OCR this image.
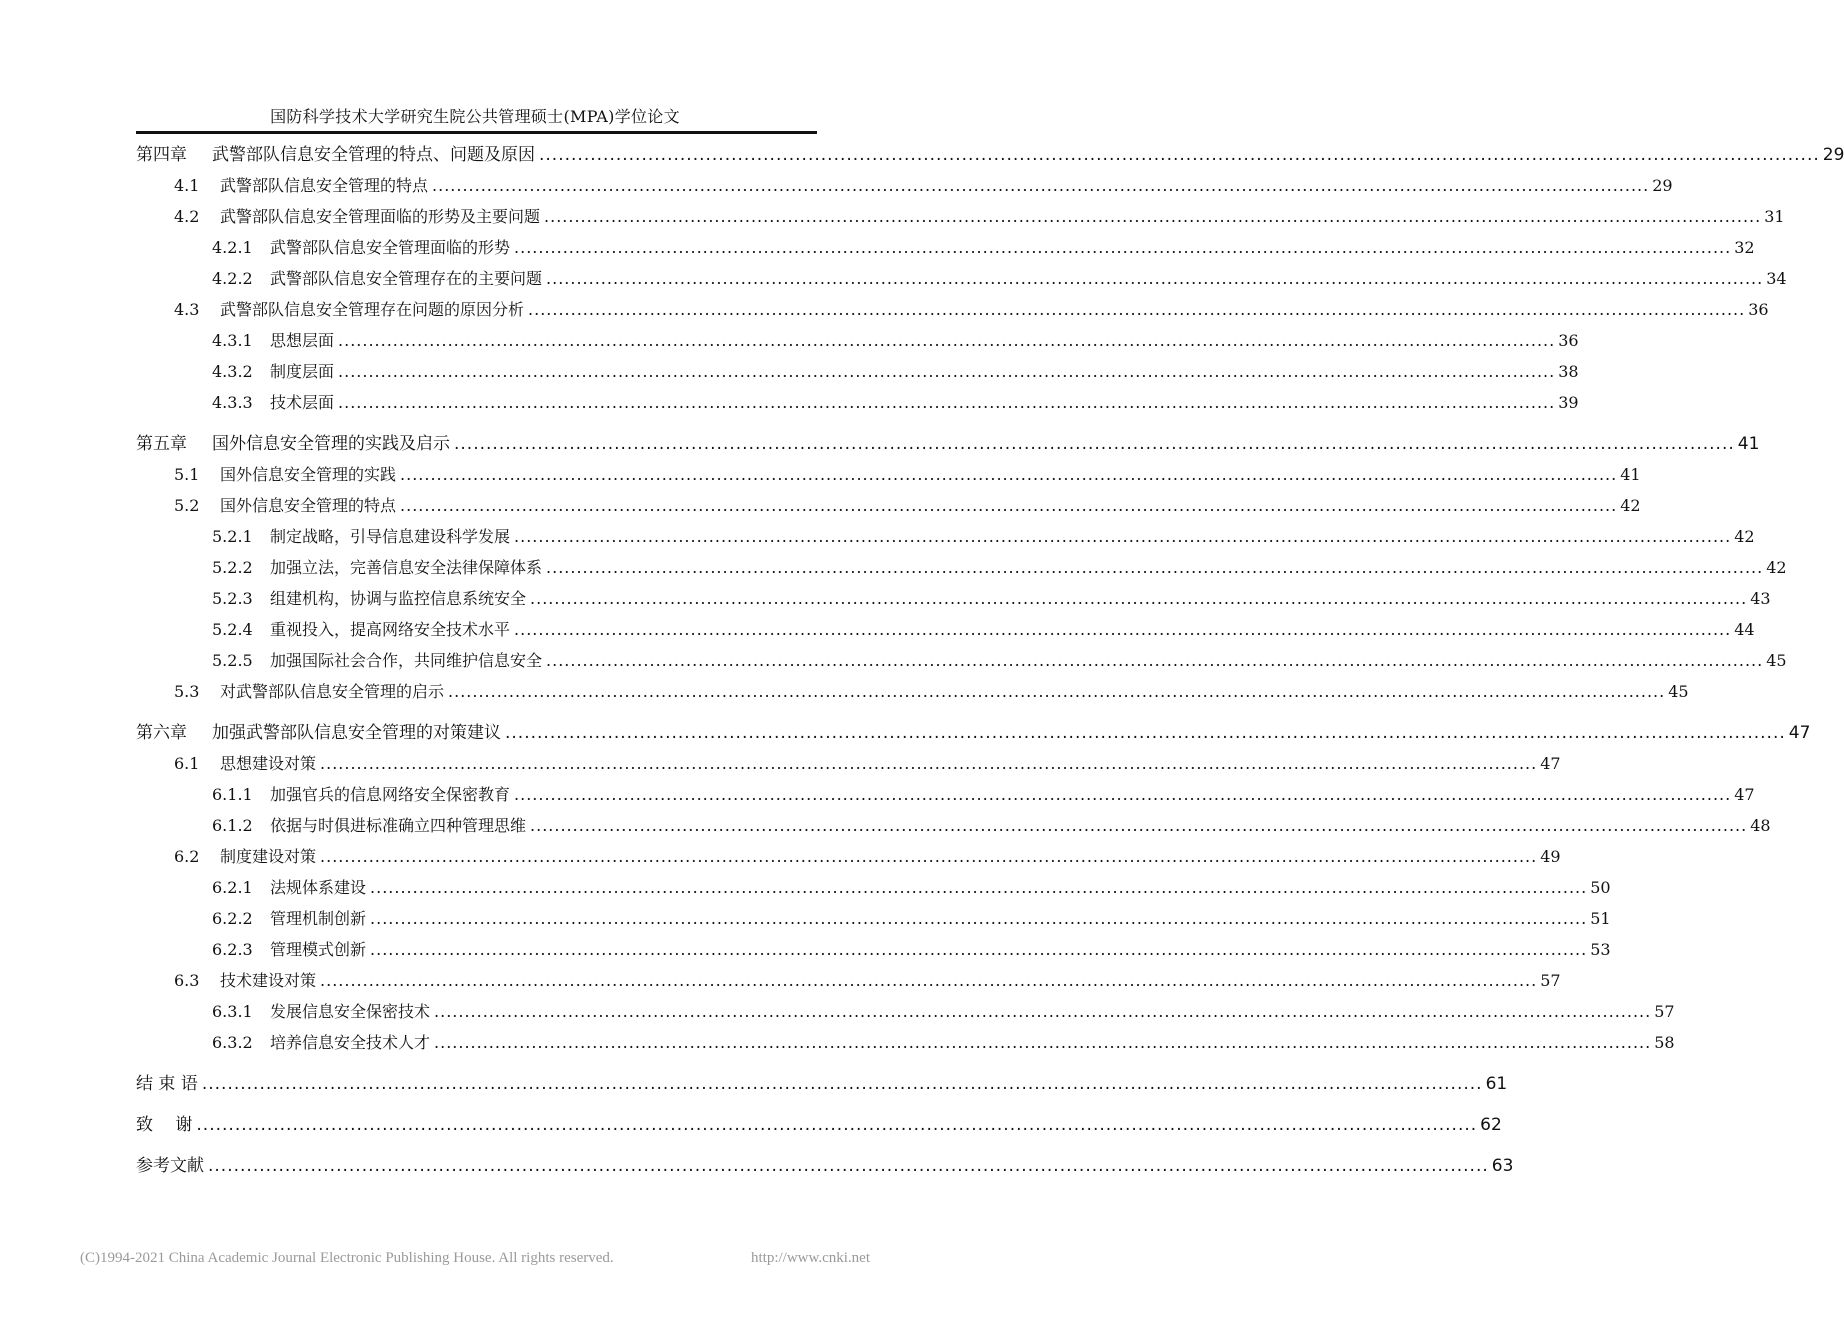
国防科学技术大学研究生院公共管理硕士(MPA)学位论文
第四章	武警部队信息安全管理的特点、问题及原因 ........................................................................................................................................................................................................ 29
4.1	武警部队信息安全管理的特点 ........................................................................................................................................................................................................ 29
4.2	武警部队信息安全管理面临的形势及主要问题 ........................................................................................................................................................................................................ 31
4.2.1	武警部队信息安全管理面临的形势 ........................................................................................................................................................................................................ 32
4.2.2	武警部队信息安全管理存在的主要问题 ........................................................................................................................................................................................................ 34
4.3	武警部队信息安全管理存在问题的原因分析 ........................................................................................................................................................................................................ 36
4.3.1	思想层面 ........................................................................................................................................................................................................ 36
4.3.2	制度层面 ........................................................................................................................................................................................................ 38
4.3.3	技术层面 ........................................................................................................................................................................................................ 39
第五章	国外信息安全管理的实践及启示 ........................................................................................................................................................................................................ 41
5.1	国外信息安全管理的实践 ........................................................................................................................................................................................................ 41
5.2	国外信息安全管理的特点 ........................................................................................................................................................................................................ 42
5.2.1	制定战略，引导信息建设科学发展 ........................................................................................................................................................................................................ 42
5.2.2	加强立法，完善信息安全法律保障体系 ........................................................................................................................................................................................................ 42
5.2.3	组建机构，协调与监控信息系统安全 ........................................................................................................................................................................................................ 43
5.2.4	重视投入，提高网络安全技术水平 ........................................................................................................................................................................................................ 44
5.2.5	加强国际社会合作，共同维护信息安全 ........................................................................................................................................................................................................ 45
5.3	对武警部队信息安全管理的启示 ........................................................................................................................................................................................................ 45
第六章	加强武警部队信息安全管理的对策建议 ........................................................................................................................................................................................................ 47
6.1	思想建设对策 ........................................................................................................................................................................................................ 47
6.1.1	加强官兵的信息网络安全保密教育 ........................................................................................................................................................................................................ 47
6.1.2	依据与时俱进标准确立四种管理思维 ........................................................................................................................................................................................................ 48
6.2	制度建设对策 ........................................................................................................................................................................................................ 49
6.2.1	法规体系建设 ........................................................................................................................................................................................................ 50
6.2.2	管理机制创新 ........................................................................................................................................................................................................ 51
6.2.3	管理模式创新 ........................................................................................................................................................................................................ 53
6.3	技术建设对策 ........................................................................................................................................................................................................ 57
6.3.1	发展信息安全保密技术 ........................................................................................................................................................................................................ 57
6.3.2	培养信息安全技术人才 ........................................................................................................................................................................................................ 58
结 束 语 ........................................................................................................................................................................................................ 61
致 　谢 ........................................................................................................................................................................................................ 62
参考文献 ........................................................................................................................................................................................................ 63
(C)1994-2021 China Academic Journal Electronic Publishing House. All rights reserved.	http://www.cnki.net
